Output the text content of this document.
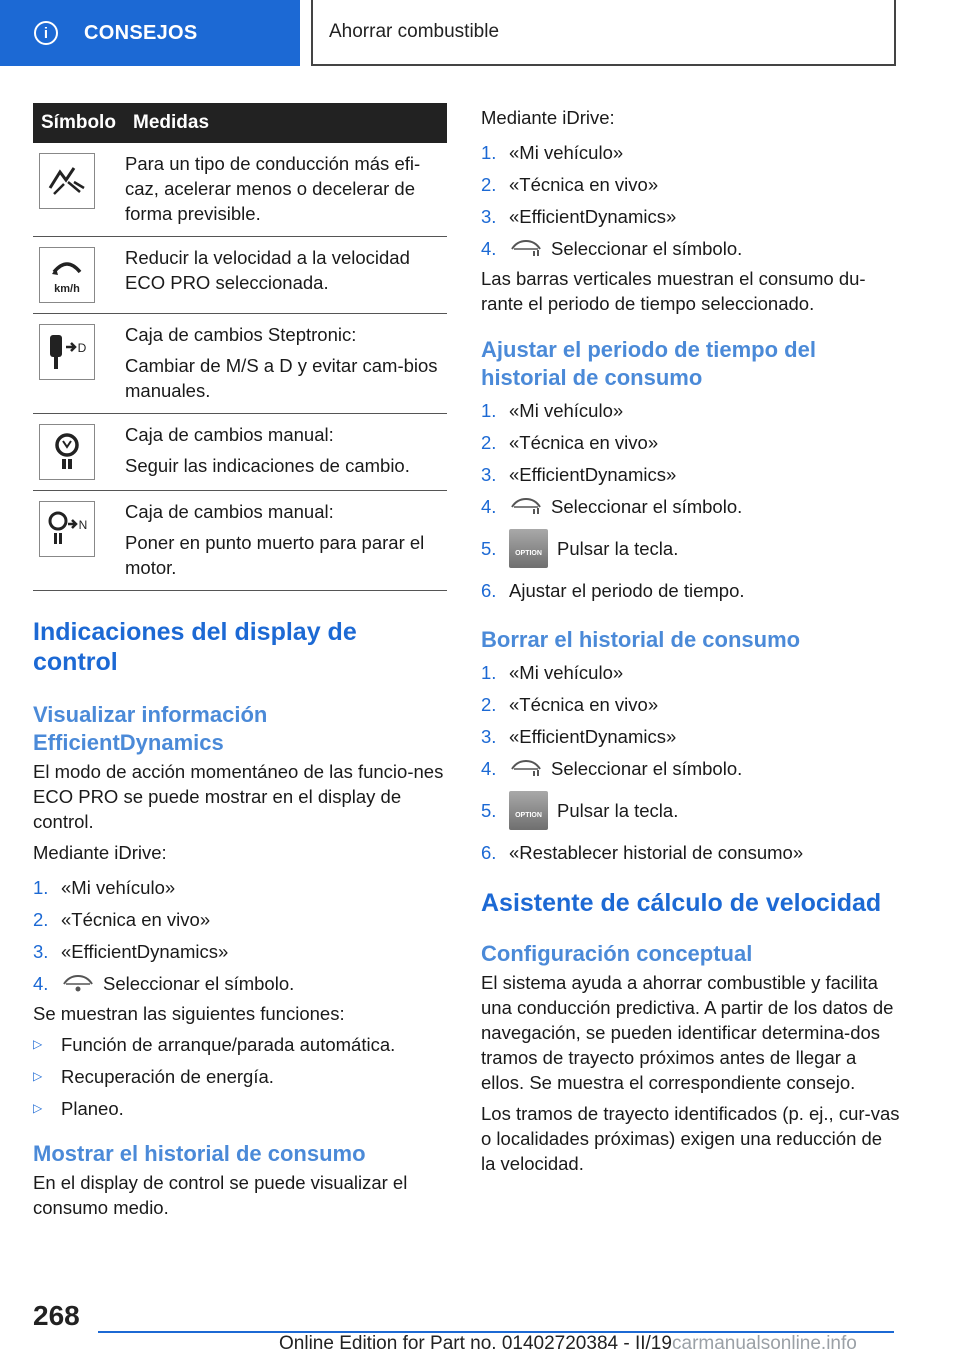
i	CONSEJOS	Ahorrar combustible
Símbolo	Medidas

Para un tipo de conducción más efi-caz, acelerar menos o decelerar de forma previsible.

km/h	Reducir la velocidad a la velocidad ECO PRO seleccionada.

D	Caja de cambios Steptronic:

Cambiar de M/S a D y evitar cam-bios manuales.

Caja de cambios manual:

Seguir las indicaciones de cambio.

N	Caja de cambios manual:

Poner en punto muerto para parar el motor.

Indicaciones del display de control
Visualizar información EfficientDynamics

El modo de acción momentáneo de las funcio-nes ECO PRO se puede mostrar en el display de control.

Mediante iDrive:

1. «Mi vehículo»
2. «Técnica en vivo»
3. «EfficientDynamics»
4.	Seleccionar el símbolo.

Se muestran las siguientes funciones:

▷	Función de arranque/parada automática.
▷	Recuperación de energía.
▷	Planeo.
Mostrar el historial de consumo

En el display de control se puede visualizar el consumo medio.

Mediante iDrive:

1. «Mi vehículo»
2. «Técnica en vivo»
3. «EfficientDynamics»
4.	Seleccionar el símbolo.

Las barras verticales muestran el consumo du-rante el periodo de tiempo seleccionado.

Ajustar el periodo de tiempo del historial de consumo
1. «Mi vehículo»
2. «Técnica en vivo»
3. «EfficientDynamics»
4.	Seleccionar el símbolo.
5.	OPTION Pulsar la tecla.
6. Ajustar el periodo de tiempo.
Borrar el historial de consumo
1. «Mi vehículo»
2. «Técnica en vivo»
3. «EfficientDynamics»
4.	Seleccionar el símbolo.
5.	OPTION Pulsar la tecla.
6. «Restablecer historial de consumo»
Asistente de cálculo de velocidad
Configuración conceptual

El sistema ayuda a ahorrar combustible y facilita una conducción predictiva. A partir de los datos de navegación, se pueden identificar determina-dos tramos de trayecto próximos antes de llegar a ellos. Se muestra el correspondiente consejo.

Los tramos de trayecto identificados (p. ej., cur-vas o localidades próximas) exigen una reducción de la velocidad.

268
Online Edition for Part no. 01402720384 - II/19 carmanualsonline.info
